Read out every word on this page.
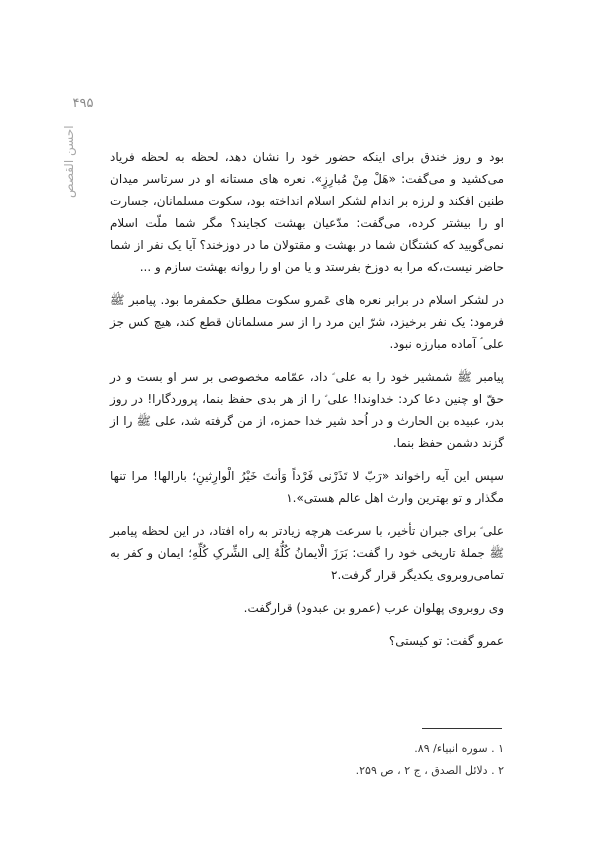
۴۹۵
احسن القصص	بود و روز خندق برای اینکه حضور خود را نشان دهد، لحظه به لحظه فریاد می‌کشید و می‌گفت: «هَلْ مِنْ مُبارِزٍ». نعره های مستانه او در سرتاسر میدان طنین افکند و لرزه بر اندام لشکر اسلام انداخته بود، سکوت مسلمانان، جسارت او را بیشتر کرده، می‌گفت: مدّعیان بهشت کجایند؟ مگر شما ملّت اسلام نمی‌گویید که کشتگان شما در بهشت و مقتولان ما در دوزخند؟ آیا یک نفر از شما حاضر نیست،که مرا به دوزخ بفرستد و یا من او را روانه بهشت سازم و ...

در لشکر اسلام در برابر نعره های عَمرو سکوت مطلق حکمفرما بود. پیامبر ﷺ فرمود: یک نفر برخیزد، شرّ این مرد را از سر مسلمانان قطع کند، هیچ کس جز علی ؑ آماده مبارزه نبود.

پیامبر ﷺ شمشیر خود را به علی ؑ داد، عمّامه مخصوصی بر سر او بست و در حقّ او چنین دعا کرد: خداوندا! علی ؑ را از هر بدی حفظ بنما، پروردگارا! در روز بدر، عبیده بن الحارث و در اُحد شیر خدا حمزه، از من گرفته شد، علی ﷺ را از گزند دشمن حفظ بنما.

سپس این آیه راخواند «رَبّ لا تَذَرْنی فَرْداً وَأنتَ خَیْرُ الْوارِثینِ؛ بارالها! مرا تنها مگذار و تو بهترین وارث اهل عالم هستی».۱

علی ؑ برای جبران تأخیر، با سرعت هرچه زیادتر به راه افتاد، در این لحظه پیامبر ﷺ جملهٔ تاریخی خود را گفت: بَرَزَ الْایمانُ کُلُّهُ اِلی الشِّرکِ کُلِّهِ؛ ایمان و کفر به تمامی‌روبروی یکدیگر قرار گرفت.۲

وی روبروی پهلوان عرب (عمرو بن عبدود) قرارگفت.

عمرو گفت: تو کیستی؟

۱ . سوره انبیاء/ ۸۹.
۲ . دلائل الصدق ، ج ۲ ، ص ۲۵۹.
